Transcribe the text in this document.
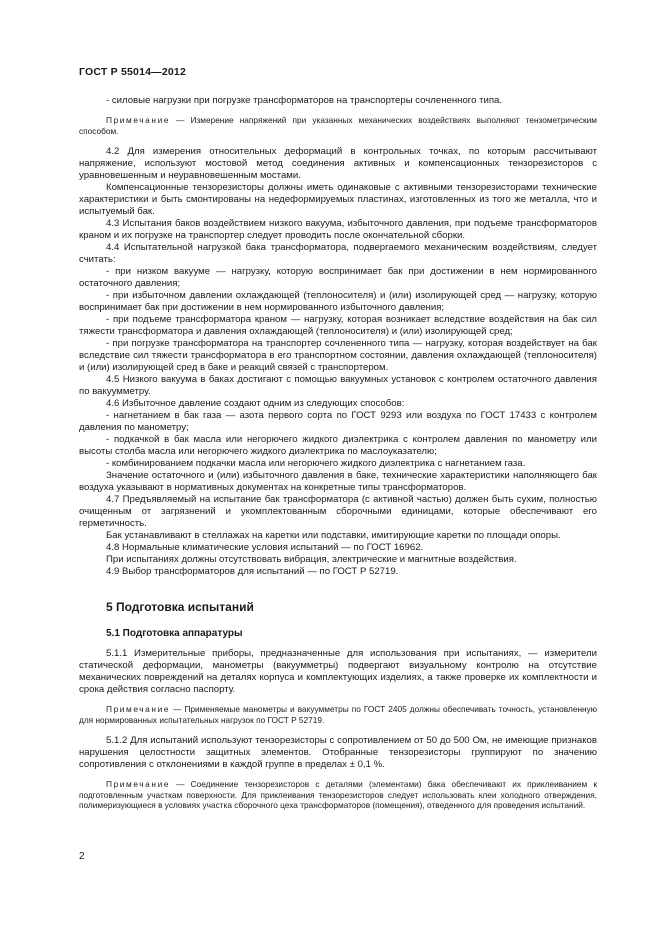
ГОСТ Р 55014—2012

- силовые нагрузки при погрузке трансформаторов на транспортеры сочлененного типа.

Примечание — Измерение напряжений при указанных механических воздействиях выполняют тензометрическим способом.

4.2 Для измерения относительных деформаций в контрольных точках, по которым рассчитывают напряжение, используют мостовой метод соединения активных и компенсационных тензорезисторов с уравновешенным и неуравновешенным мостами.

Компенсационные тензорезисторы должны иметь одинаковые с активными тензорезисторами технические характеристики и быть смонтированы на недеформируемых пластинах, изготовленных из того же металла, что и испытуемый бак.

4.3 Испытания баков воздействием низкого вакуума, избыточного давления, при подъеме трансформаторов краном и их погрузке на транспортер следует проводить после окончательной сборки.

4.4 Испытательной нагрузкой бака трансформатора, подвергаемого механическим воздействиям, следует считать:

- при низком вакууме — нагрузку, которую воспринимает бак при достижении в нем нормированного остаточного давления;

- при избыточном давлении охлаждающей (теплоносителя) и (или) изолирующей сред — нагрузку, которую воспринимает бак при достижении в нем нормированного избыточного давления;

- при подъеме трансформатора краном — нагрузку, которая возникает вследствие воздействия на бак сил тяжести трансформатора и давления охлаждающей (теплоносителя) и (или) изолирующей сред;

- при погрузке трансформатора на транспортер сочлененного типа — нагрузку, которая воздействует на бак вследствие сил тяжести трансформатора в его транспортном состоянии, давления охлаждающей (теплоносителя) и (или) изолирующей сред в баке и реакций связей с транспортером.

4.5 Низкого вакуума в баках достигают с помощью вакуумных установок с контролем остаточного давления по вакуумметру.

4.6 Избыточное давление создают одним из следующих способов:

- нагнетанием в бак газа — азота первого сорта по ГОСТ 9293 или воздуха по ГОСТ 17433 с контролем давления по манометру;

- подкачкой в бак масла или негорючего жидкого диэлектрика с контролем давления по манометру или высоты столба масла или негорючего жидкого диэлектрика по маслоуказателю;

- комбинированием подкачки масла или негорючего жидкого диэлектрика с нагнетанием газа.

Значение остаточного и (или) избыточного давления в баке, технические характеристики наполняющего бак воздуха указывают в нормативных документах на конкретные типы трансформаторов.

4.7 Предъявляемый на испытание бак трансформатора (с активной частью) должен быть сухим, полностью очищенным от загрязнений и укомплектованным сборочными единицами, которые обеспечивают его герметичность.

Бак устанавливают в стеллажах на каретки или подставки, имитирующие каретки по площади опоры.

4.8 Нормальные климатические условия испытаний — по ГОСТ 16962.

При испытаниях должны отсутствовать вибрация, электрические и магнитные воздействия.

4.9 Выбор трансформаторов для испытаний — по ГОСТ Р 52719.

5 Подготовка испытаний
5.1 Подготовка аппаратуры

5.1.1 Измерительные приборы, предназначенные для использования при испытаниях, — измерители статической деформации, манометры (вакуумметры) подвергают визуальному контролю на отсутствие механических повреждений на деталях корпуса и комплектующих изделиях, а также проверке их комплектности и срока действия согласно паспорту.

Примечание — Применяемые манометры и вакуумметры по ГОСТ 2405 должны обеспечивать точность, установленную для нормированных испытательных нагрузок по ГОСТ Р 52719.

5.1.2 Для испытаний используют тензорезисторы с сопротивлением от 50 до 500 Ом, не имеющие признаков нарушения целостности защитных элементов. Отобранные тензорезисторы группируют по значению сопротивления с отклонениями в каждой группе в пределах ± 0,1 %.

Примечание — Соединение тензорезисторов с деталями (элементами) бака обеспечивают их приклеиванием к подготовленным участкам поверхности. Для приклеивания тензорезисторов следует использовать клеи холодного отверждения, полимеризующиеся в условиях участка сборочного цеха трансформаторов (помещения), отведенного для проведения испытаний.

2
